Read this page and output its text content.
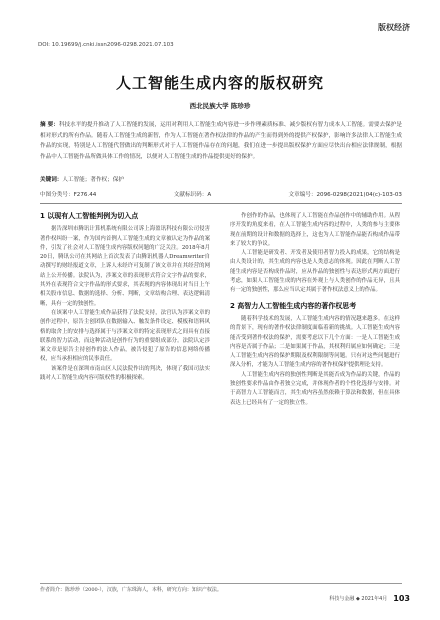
版权经济
DOI: 10.19699/j.cnki.issn2096-0298.2021.07.103
人工智能生成内容的版权研究
西北民族大学 陈珍珍
摘 要：科技水平的提升推动了人工智能的发展，运用对利用人工智能生成内容进一步作理素质标准、减少版权有智力成本人工智能。需要去保护是相对形式的所有作品。随着人工智能生成的新智，作为人工智能在著作权法律的作品的产生而得到外的提供产权保护，影响许多法律人工智能生成作品的实现，特别是人工智能代替做出的判断形式对于人工智能作品存在的问题，我们在进一步提出版权保护方面应尽快出台相应法律规制，根据作品中人工智能作品所做具体工作的情况，以便对人工智能生成的作品提供更好的保护。
关键词：人工智能；著作权；保护
中图分类号：F276.44	文献标识码：A	文章编号：2096-0298(2021)04(c)-103-03
1 以现有人工智能判例为切入点

据告深圳市腾讯计算机系统有限公司诉上海盈讯科技有限公司侵害著作权纠纷一案，作为国内首例人工智能生成的文章被认定为作品的案件，引发了社会对人工智能生成内容版权问题的广泛关注。2018年8月20日，腾讯公司在其网站上首次发表了由腾讯机器人Dreamwriter自动撰写的财经报道文章，上诉人未经许可复制了该文章并在其经营的网站上公开传播。法院认为，涉案文章的表现形式符合文字作品的要求，其外在表现符合文字作品的形式要求，其表现的内容体现出对当日上午相关股市信息、数据的选择、分析、判断，文章结构合理、表达逻辑清晰，具有一定的独创性。

在该案中人工智能生成作品获得了法院支持，法官认为涉案文章的创作过程中，原告主创团队在数据输入、触发条件设定、模板和语料风格的取舍上的安排与选择属于与涉案文章的特定表现形式之间具有直接联系的智力活动，而这种活动是创作行为的重要组成部分。法院认定涉案文章是原告主持创作的法人作品，被告侵犯了原告的信息网络传播权，应当承担相应的民事责任。

该案件是在深圳市南山区人民法院作出的判决，体现了我国司法实践对人工智能生成内容可版权性的积极探索。

作创作的作品，也体现了人工智能在作品创作中的辅助作用。从程序开发的角度来看，在人工智能生成内容的过程中，人类的参与主要体现在前期的设计和数据的选择上，这也为人工智能作品能否构成作品带来了较大的争议。

人工智能是研发者、开发者及使用者智力投入的成果，它的结构是由人类设计的，其生成的内容也是人类意志的体现。因此在判断人工智能生成内容是否构成作品时，应从作品的独创性与表达形式两方面进行考虑，如果人工智能生成的内容在外观上与人类创作的作品无异，且具有一定的独创性，那么应当认定其属于著作权法意义上的作品。

2 高智力人工智能生成内容的著作权思考

随着科学技术的发展，人工智能生成内容的情况越来越多。在这样的背景下，现有的著作权法律制度面临着新的挑战。人工智能生成内容能否受到著作权法的保护，需要考虑以下几个方面：一是人工智能生成内容是否属于作品；二是如果属于作品，其权利归属应如何确定；三是人工智能生成内容的保护期限及权利限制等问题。只有对这些问题进行深入分析，才能为人工智能生成内容的著作权保护提供理论支持。

人工智能生成内容的独创性判断是其能否成为作品的关键，作品的独创性要求作品由作者独立完成，并体现作者的个性化选择与安排。对于高智力人工智能而言，其生成内容虽然依赖于算法和数据，但在具体表达上已经具有了一定的独立性。

作者简介：陈珍珍（2000-），汉族，广东珠海人，本科，研究方向：知识产权法。
科技与金融 ◆ 2021年4月 103
